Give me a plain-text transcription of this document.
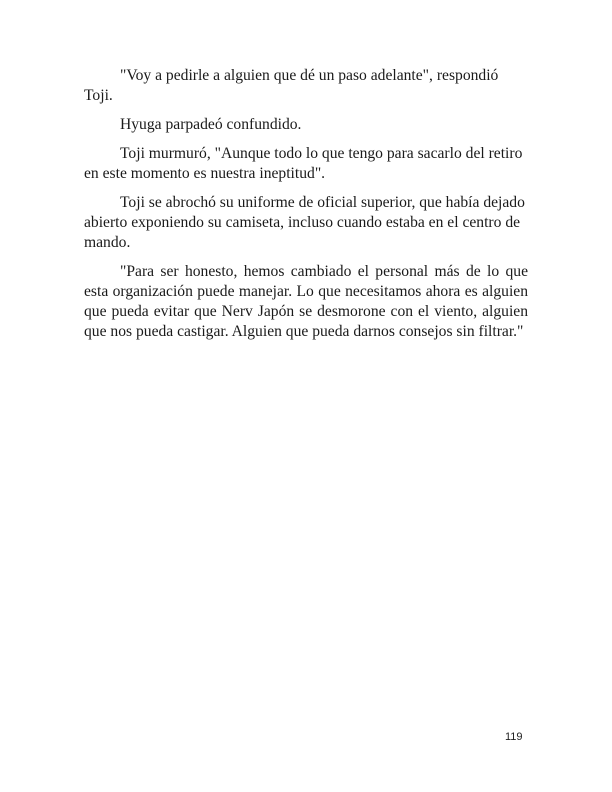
"Voy a pedirle a alguien que dé un paso adelante", respondió Toji.

Hyuga parpadeó confundido.

Toji murmuró, "Aunque todo lo que tengo para sacarlo del retiro en este momento es nuestra ineptitud".

Toji se abrochó su uniforme de oficial superior, que había dejado abierto exponiendo su camiseta, incluso cuando estaba en el centro de mando.

"Para ser honesto, hemos cambiado el personal más de lo que esta organización puede manejar. Lo que necesitamos ahora es alguien que pueda evitar que Nerv Japón se desmorone con el viento, alguien que nos pueda castigar. Alguien que pueda darnos consejos sin filtrar."

119
